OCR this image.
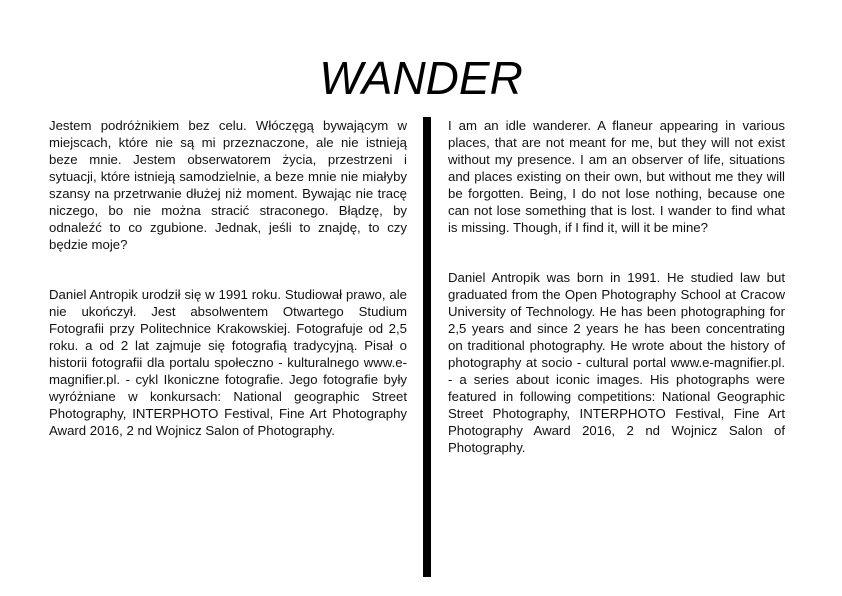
WANDER

Jestem podróżnikiem bez celu. Włóczęgą bywającym w miejscach, które nie są mi przeznaczone, ale nie istnieją beze mnie. Jestem obserwatorem życia, przestrzeni i sytuacji, które istnieją samodzielnie, a beze mnie nie miałyby szansy na przetrwanie dłużej niż moment. Bywając nie tracę niczego, bo nie można stracić straconego. Błądzę, by odnaleźć to co zgubione. Jednak, jeśli to znajdę, to czy będzie moje?

Daniel Antropik urodził się w 1991 roku. Studiował prawo, ale nie ukończył. Jest absolwentem Otwartego Studium Fotografii przy Politechnice Krakowskiej. Fotografuje od 2,5 roku. a od 2 lat zajmuje się fotografią tradycyjną. Pisał o historii fotografii dla portalu społeczno - kulturalnego www.e-magnifier.pl. - cykl Ikoniczne fotografie. Jego fotografie były wyróżniane w konkursach: National geographic Street Photography, INTERPHOTO Festival, Fine Art Photography Award 2016, 2 nd Wojnicz Salon of Photography.

I am an idle wanderer. A flaneur appearing in various places, that are not meant for me, but they will not exist without my presence. I am an observer of life, situations and places existing on their own, but without me they will be forgotten. Being, I do not lose nothing, because one can not lose something that is lost. I wander to find what is missing. Though, if I find it, will it be mine?

Daniel Antropik was born in 1991. He studied law but graduated from the Open Photography School at Cracow University of Technology. He has been photographing for 2,5 years and since 2 years he has been concentrating on traditional photography. He wrote about the history of photography at socio - cultural portal www.e-magnifier.pl. - a series about iconic images. His photographs were featured in following competitions: National Geographic Street Photography, INTERPHOTO Festival, Fine Art Photography Award 2016, 2 nd Wojnicz Salon of Photography.
